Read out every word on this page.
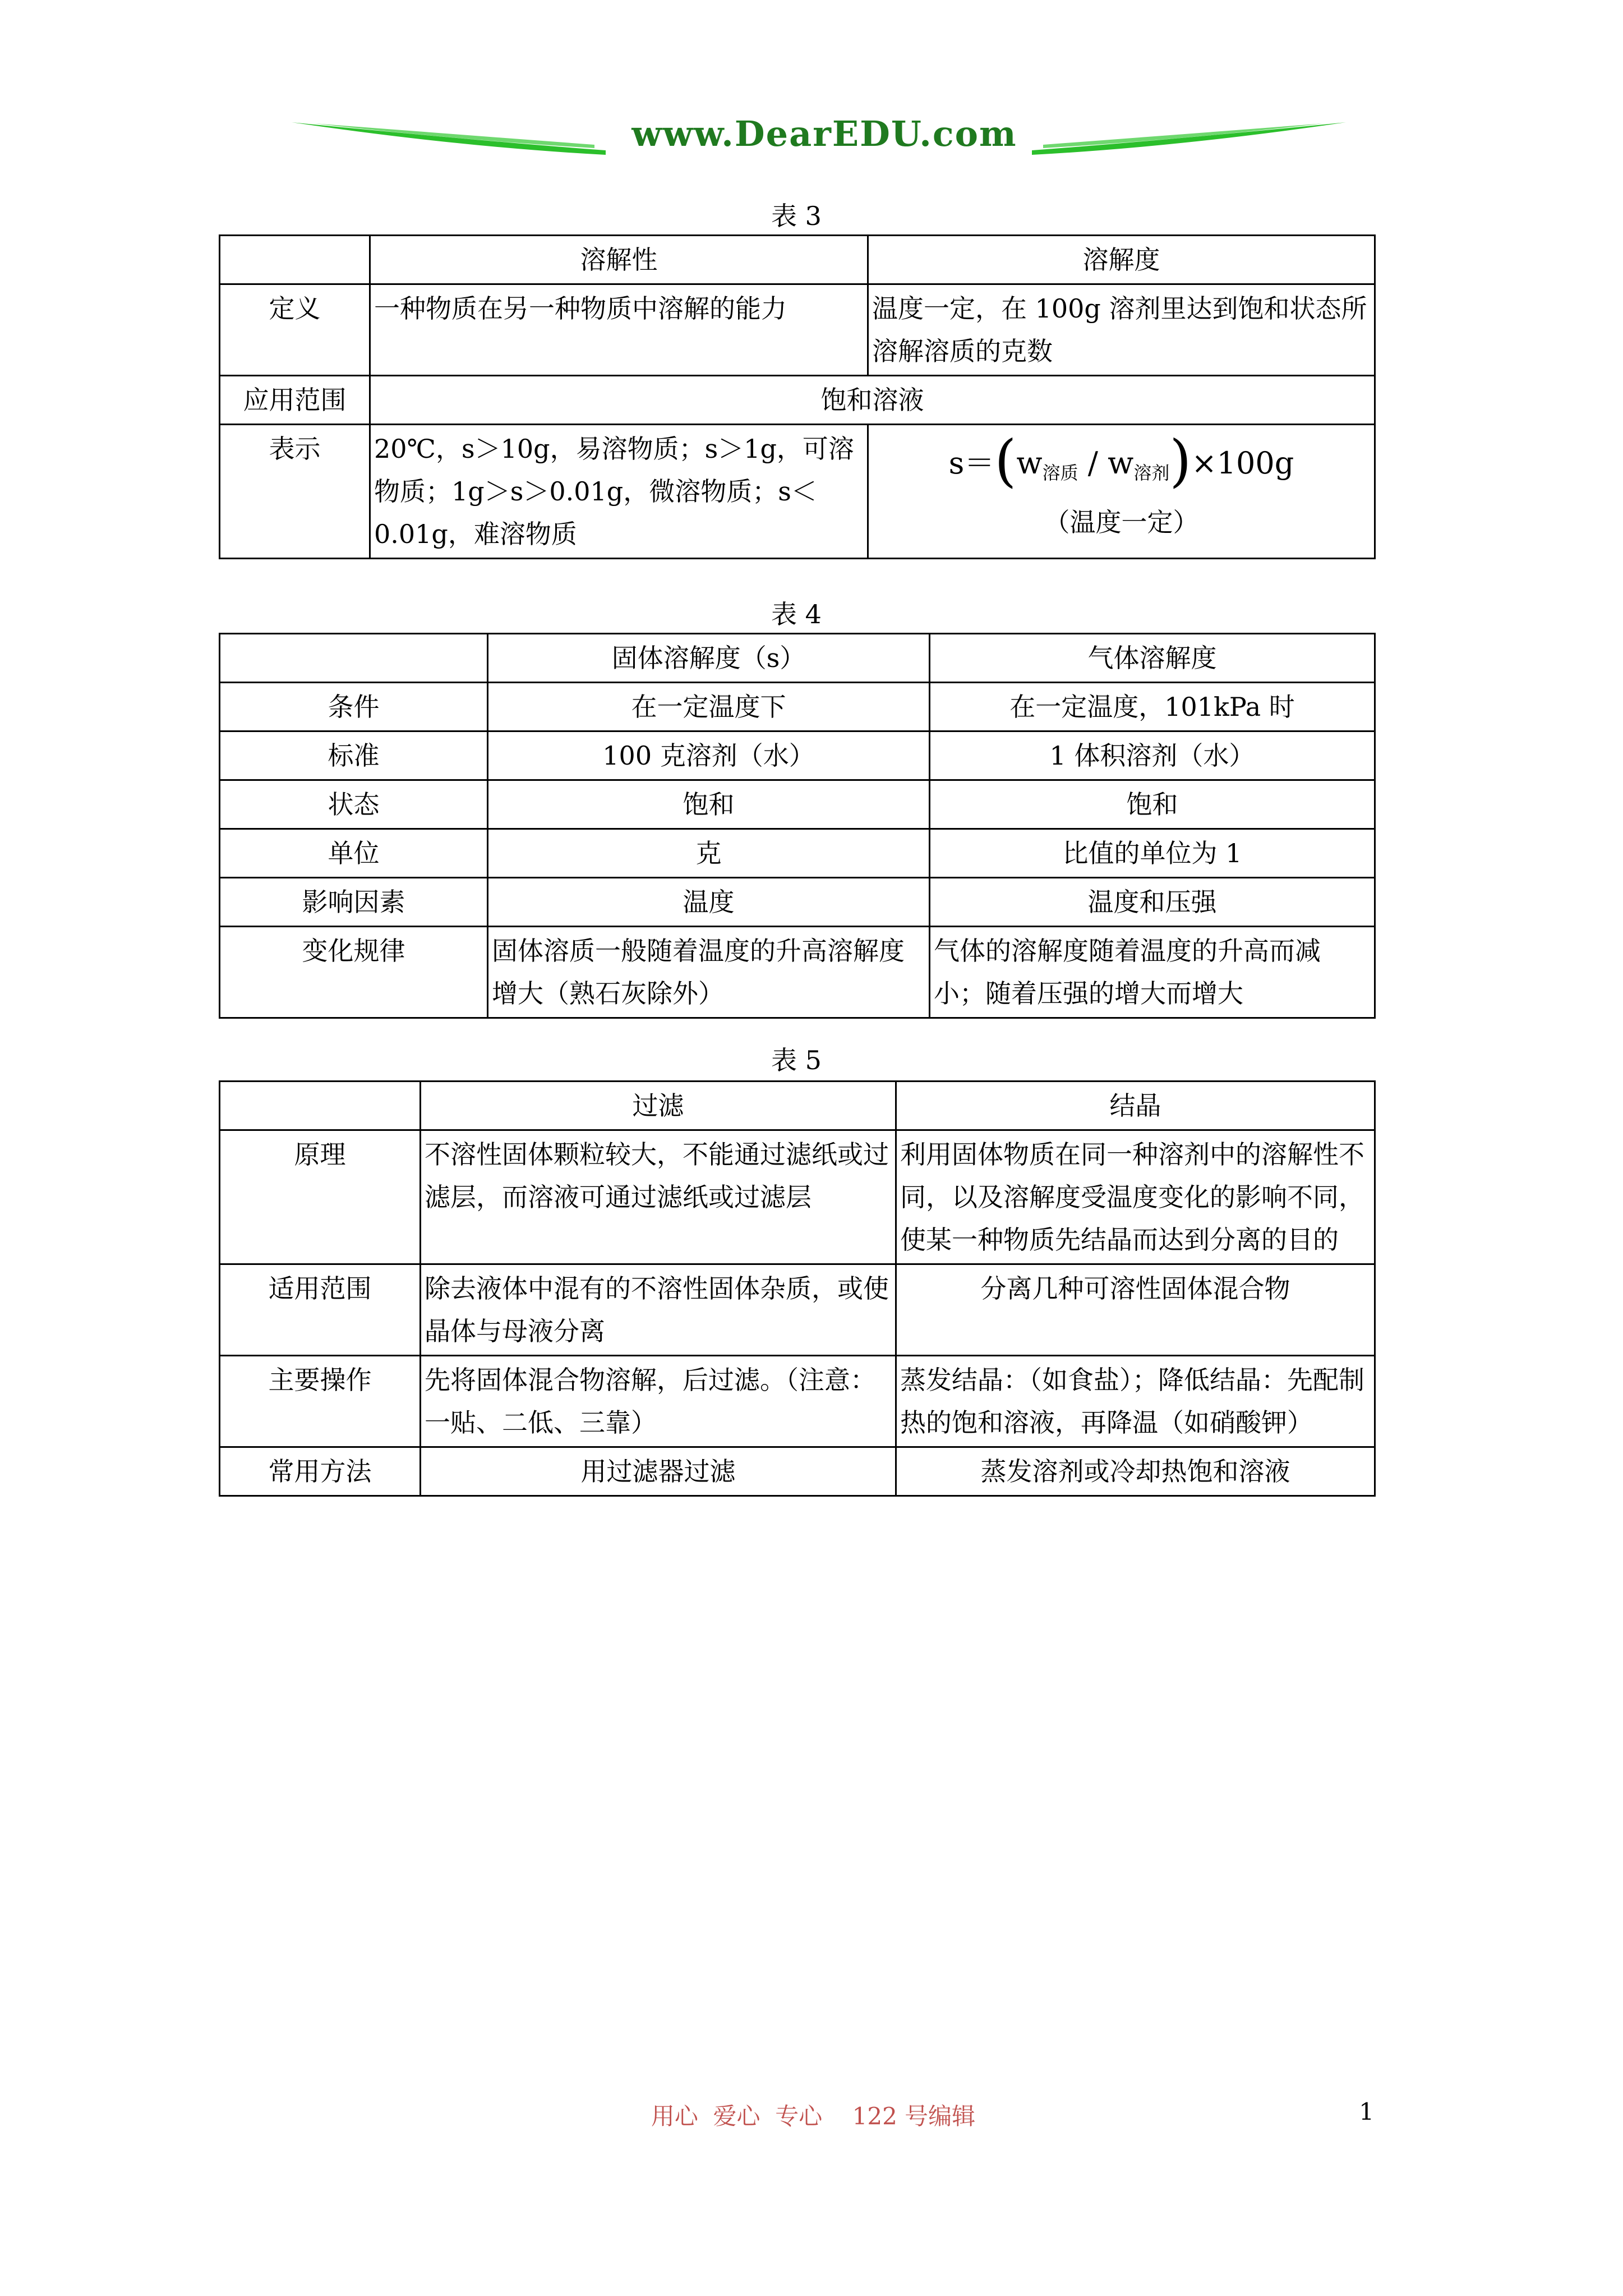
www.DearEDU.com
表 3
	溶解性	溶解度
定义	一种物质在另一种物质中溶解的能力	温度一定，在 100g 溶剂里达到饱和状态所溶解溶质的克数
应用范围	饱和溶液	
表示	20℃，s＞10g，易溶物质；s＞1g，可溶物质；1g＞s＞0.01g，微溶物质；s＜0.01g，难溶物质	$s=(w_{溶质} / w_{溶剂})\times 100g$
（温度一定）
表 4
	固体溶解度（s）	气体溶解度
条件	在一定温度下	在一定温度，101kPa 时
标准	100 克溶剂（水）	1 体积溶剂（水）
状态	饱和	饱和
单位	克	比值的单位为 1
影响因素	温度	温度和压强
变化规律	固体溶质一般随着温度的升高溶解度增大（熟石灰除外）	气体的溶解度随着温度的升高而减小；随着压强的增大而增大
表 5
	过滤	结晶
原理	不溶性固体颗粒较大，不能通过滤纸或过滤层，而溶液可通过滤纸或过滤层	利用固体物质在同一种溶剂中的溶解性不同，以及溶解度受温度变化的影响不同，使某一种物质先结晶而达到分离的目的
适用范围	除去液体中混有的不溶性固体杂质，或使晶体与母液分离	分离几种可溶性固体混合物
主要操作	先将固体混合物溶解，后过滤。（注意：一贴、二低、三靠）	蒸发结晶：（如食盐）；降低结晶：先配制热的饱和溶液，再降温（如硝酸钾）
常用方法	用过滤器过滤	蒸发溶剂或冷却热饱和溶液
用心  爱心  专心    122 号编辑	1
